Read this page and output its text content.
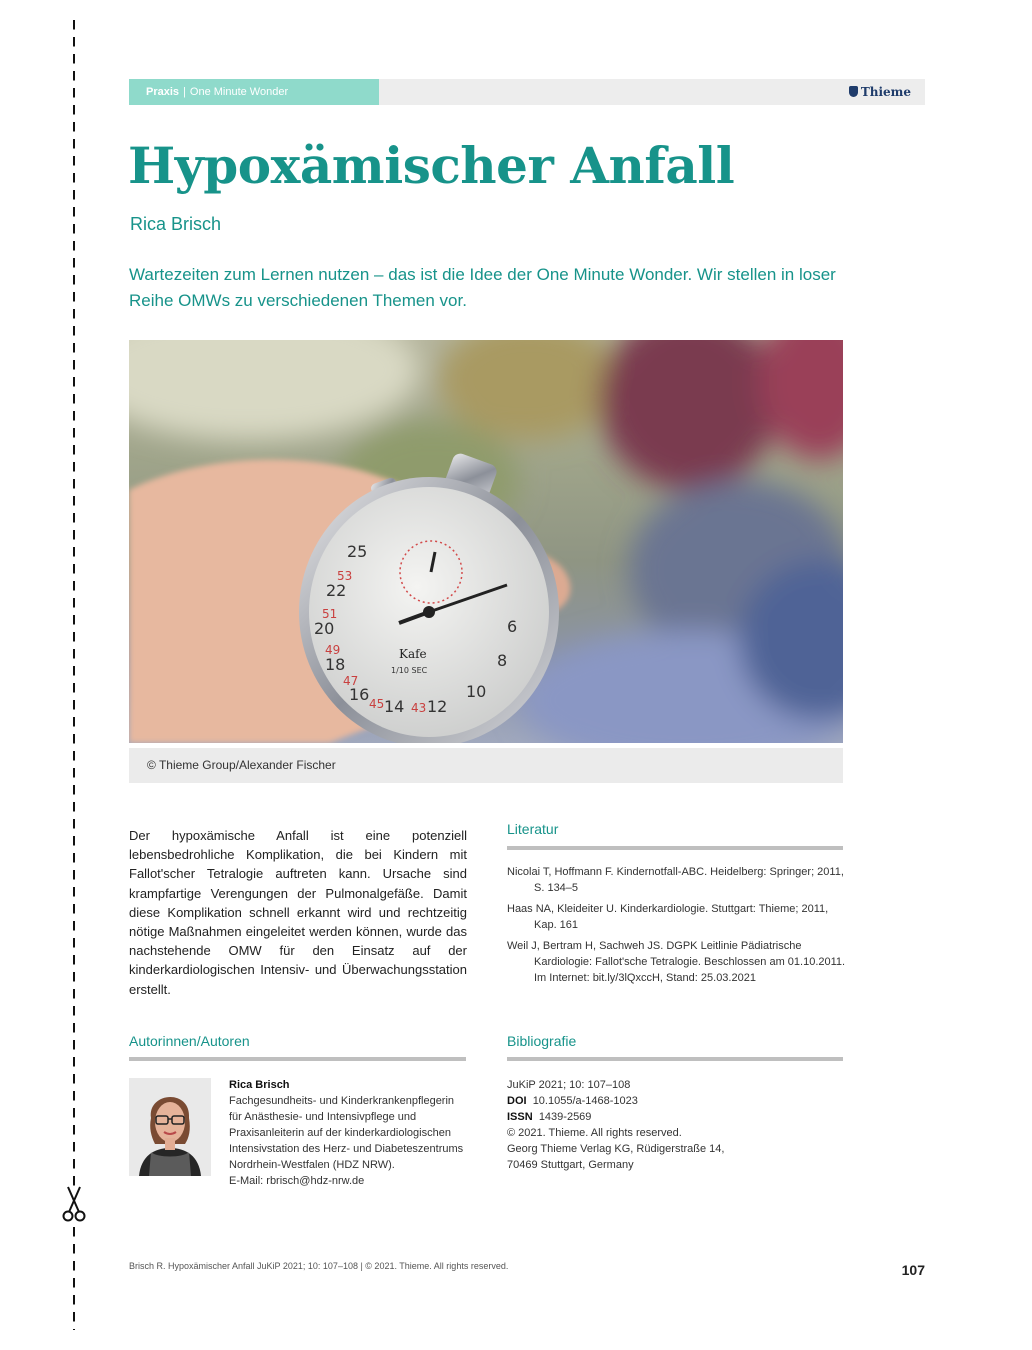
Praxis | One Minute Wonder	Thieme
Hypoxämischer Anfall
Rica Brisch

Wartezeiten zum Lernen nutzen – das ist die Idee der One Minute Wonder. Wir stellen in loser Reihe OMWs zu verschiedenen Themen vor.

25
22
20
18
16
14 12
10
8
6
53
51
49
47
45 43
Kafe
1/10 SEC
© Thieme Group/Alexander Fischer

Der hypoxämische Anfall ist eine potenziell lebensbedrohliche Komplikation, die bei Kindern mit Fallot'scher Tetralogie auftreten kann. Ursache sind krampfartige Verengungen der Pulmonalgefäße. Damit diese Komplikation schnell erkannt wird und rechtzeitig nötige Maßnahmen eingeleitet werden können, wurde das nachstehende OMW für den Einsatz auf der kinderkardiologischen Intensiv- und Überwachungsstation erstellt.

Literatur
Nicolai T, Hoffmann F. Kindernotfall-ABC. Heidelberg: Springer; 2011, S. 134–5
Haas NA, Kleideiter U. Kinderkardiologie. Stuttgart: Thieme; 2011, Kap. 161
Weil J, Bertram H, Sachweh JS. DGPK Leitlinie Pädiatrische Kardiologie: Fallot'sche Tetralogie. Beschlossen am 01.10.2011. Im Internet: bit.ly/3lQxccH, Stand: 25.03.2021
Autorinnen/Autoren
Rica Brisch
Fachgesundheits- und Kinderkrankenpflegerin für Anästhesie- und Intensivpflege und Praxisanleiterin auf der kinderkardiologischen Intensivstation des Herz- und Diabeteszentrums Nordrhein-Westfalen (HDZ NRW).
E-Mail: rbrisch@hdz-nrw.de
Bibliografie
JuKiP 2021; 10: 107–108
DOI 10.1055/a-1468-1023
ISSN 1439-2569
© 2021. Thieme. All rights reserved.
Georg Thieme Verlag KG, Rüdigerstraße 14,
70469 Stuttgart, Germany
Brisch R. Hypoxämischer Anfall JuKiP 2021; 10: 107–108 | © 2021. Thieme. All rights reserved.	107
